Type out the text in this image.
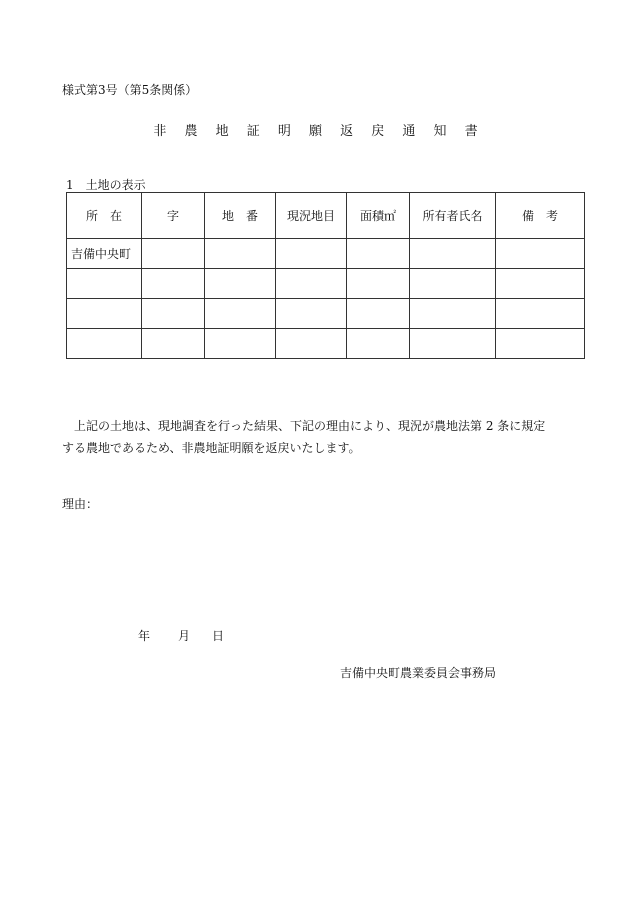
様式第3号（第5条関係）
非 農 地 証 明 願 返 戻 通 知 書
1　土地の表示
所　在	字	地　番	現況地目	面積㎡	所有者氏名	備　考
吉備中央町						

　上記の土地は、現地調査を行った結果、下記の理由により、現況が農地法第 2 条に規定

する農地であるため、非農地証明願を返戻いたします。

理由：
年 月 日
吉備中央町農業委員会事務局
